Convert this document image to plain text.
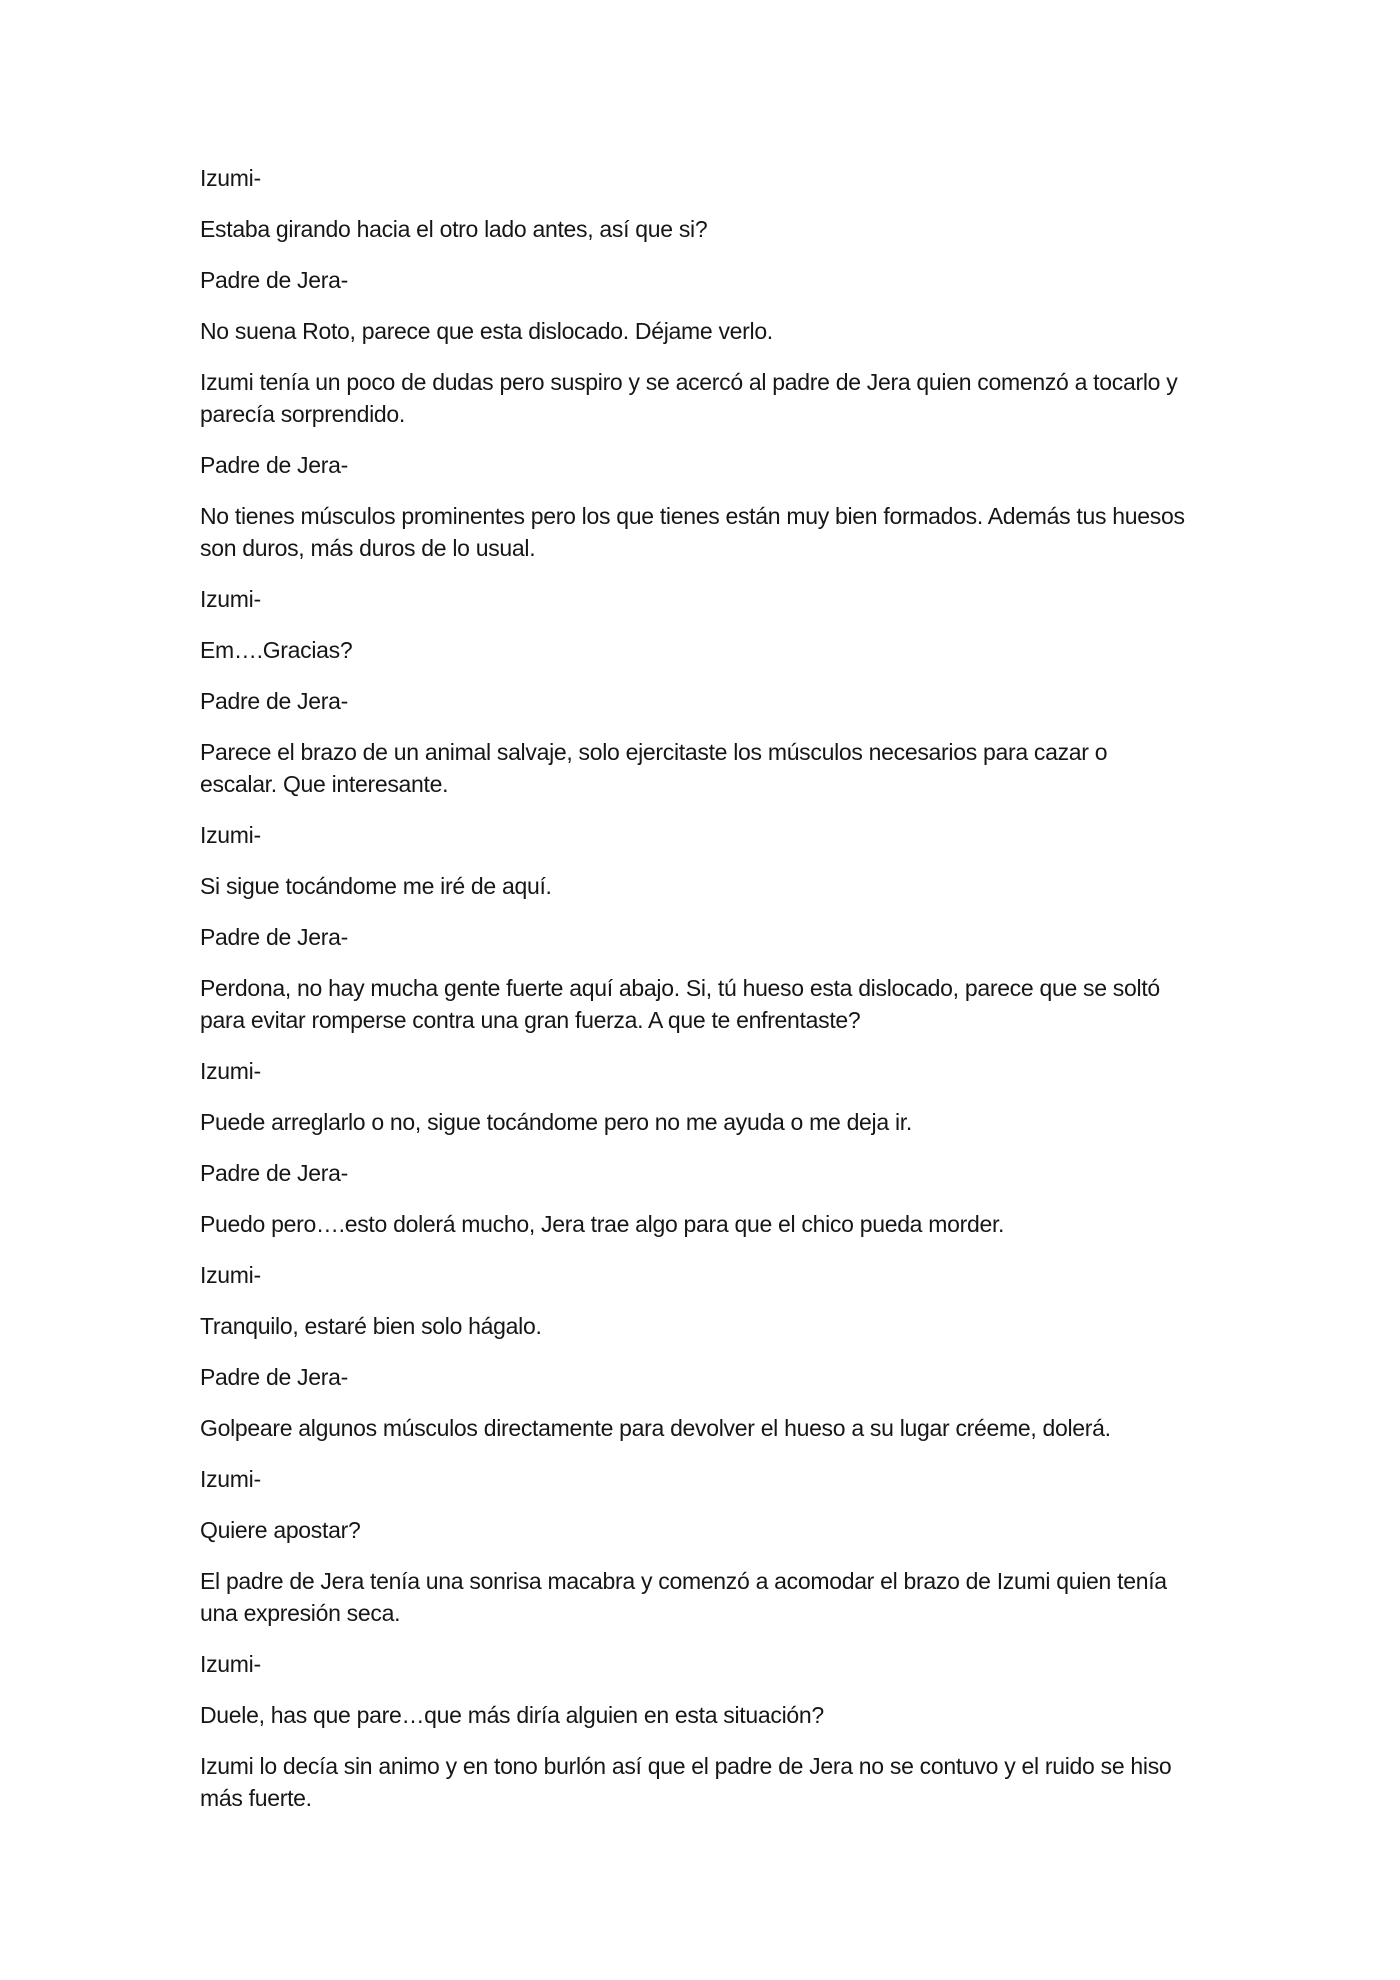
Izumi-

Estaba girando hacia el otro lado antes, así que si?

Padre de Jera-

No suena Roto, parece que esta dislocado. Déjame verlo.

Izumi tenía un poco de dudas pero suspiro y se acercó al padre de Jera quien comenzó a tocarlo y parecía sorprendido.

Padre de Jera-

No tienes músculos prominentes pero los que tienes están muy bien formados. Además tus huesos son duros, más duros de lo usual.

Izumi-

Em….Gracias?

Padre de Jera-

Parece el brazo de un animal salvaje, solo ejercitaste los músculos necesarios para cazar o escalar. Que interesante.

Izumi-

Si sigue tocándome me iré de aquí.

Padre de Jera-

Perdona, no hay mucha gente fuerte aquí abajo. Si, tú hueso esta dislocado, parece que se soltó para evitar romperse contra una gran fuerza. A que te enfrentaste?

Izumi-

Puede arreglarlo o no, sigue tocándome pero no me ayuda o me deja ir.

Padre de Jera-

Puedo pero….esto dolerá mucho, Jera trae algo para que el chico pueda morder.

Izumi-

Tranquilo, estaré bien solo hágalo.

Padre de Jera-

Golpeare algunos músculos directamente para devolver el hueso a su lugar créeme, dolerá.

Izumi-

Quiere apostar?

El padre de Jera tenía una sonrisa macabra y comenzó a acomodar el brazo de Izumi quien tenía una expresión seca.

Izumi-

Duele, has que pare…que más diría alguien en esta situación?

Izumi lo decía sin animo y en tono burlón así que el padre de Jera no se contuvo y el ruido se hiso más fuerte.
